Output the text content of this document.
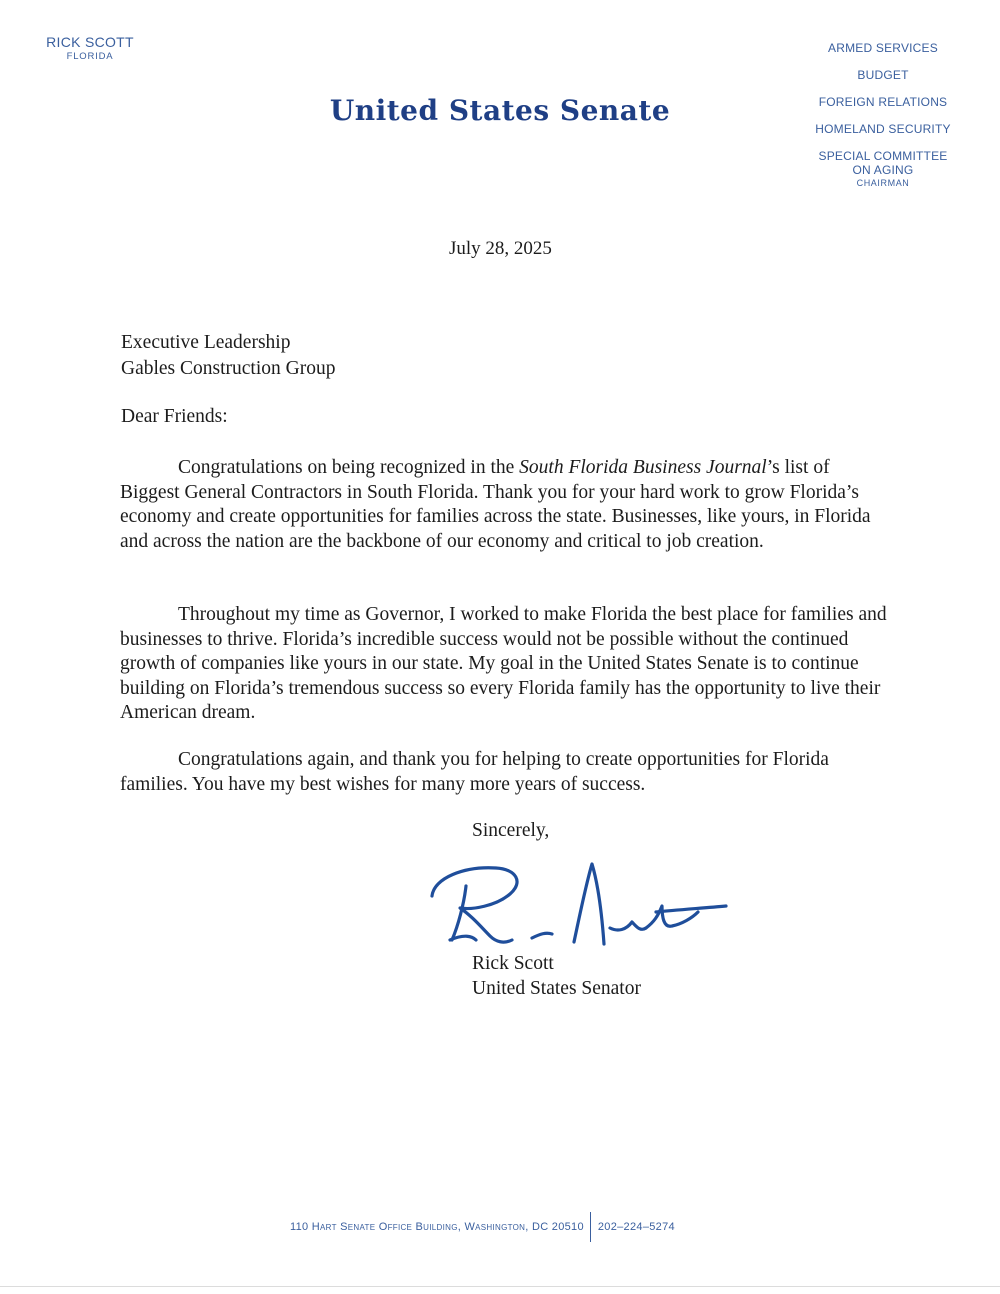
RICK SCOTT
FLORIDA
United States Senate
ARMED SERVICES
BUDGET
FOREIGN RELATIONS
HOMELAND SECURITY
SPECIAL COMMITTEE ON AGING
CHAIRMAN
July 28, 2025
Executive Leadership
Gables Construction Group
Dear Friends:

Congratulations on being recognized in the South Florida Business Journal’s list of Biggest General Contractors in South Florida. Thank you for your hard work to grow Florida’s economy and create opportunities for families across the state. Businesses, like yours, in Florida and across the nation are the backbone of our economy and critical to job creation.

Throughout my time as Governor, I worked to make Florida the best place for families and businesses to thrive. Florida’s incredible success would not be possible without the continued growth of companies like yours in our state. My goal in the United States Senate is to continue building on Florida’s tremendous success so every Florida family has the opportunity to live their American dream.

Congratulations again, and thank you for helping to create opportunities for Florida families. You have my best wishes for many more years of success.

Sincerely,
Rick Scott
United States Senator
110 Hart Senate Office Building, Washington, DC 20510 202–224–5274
